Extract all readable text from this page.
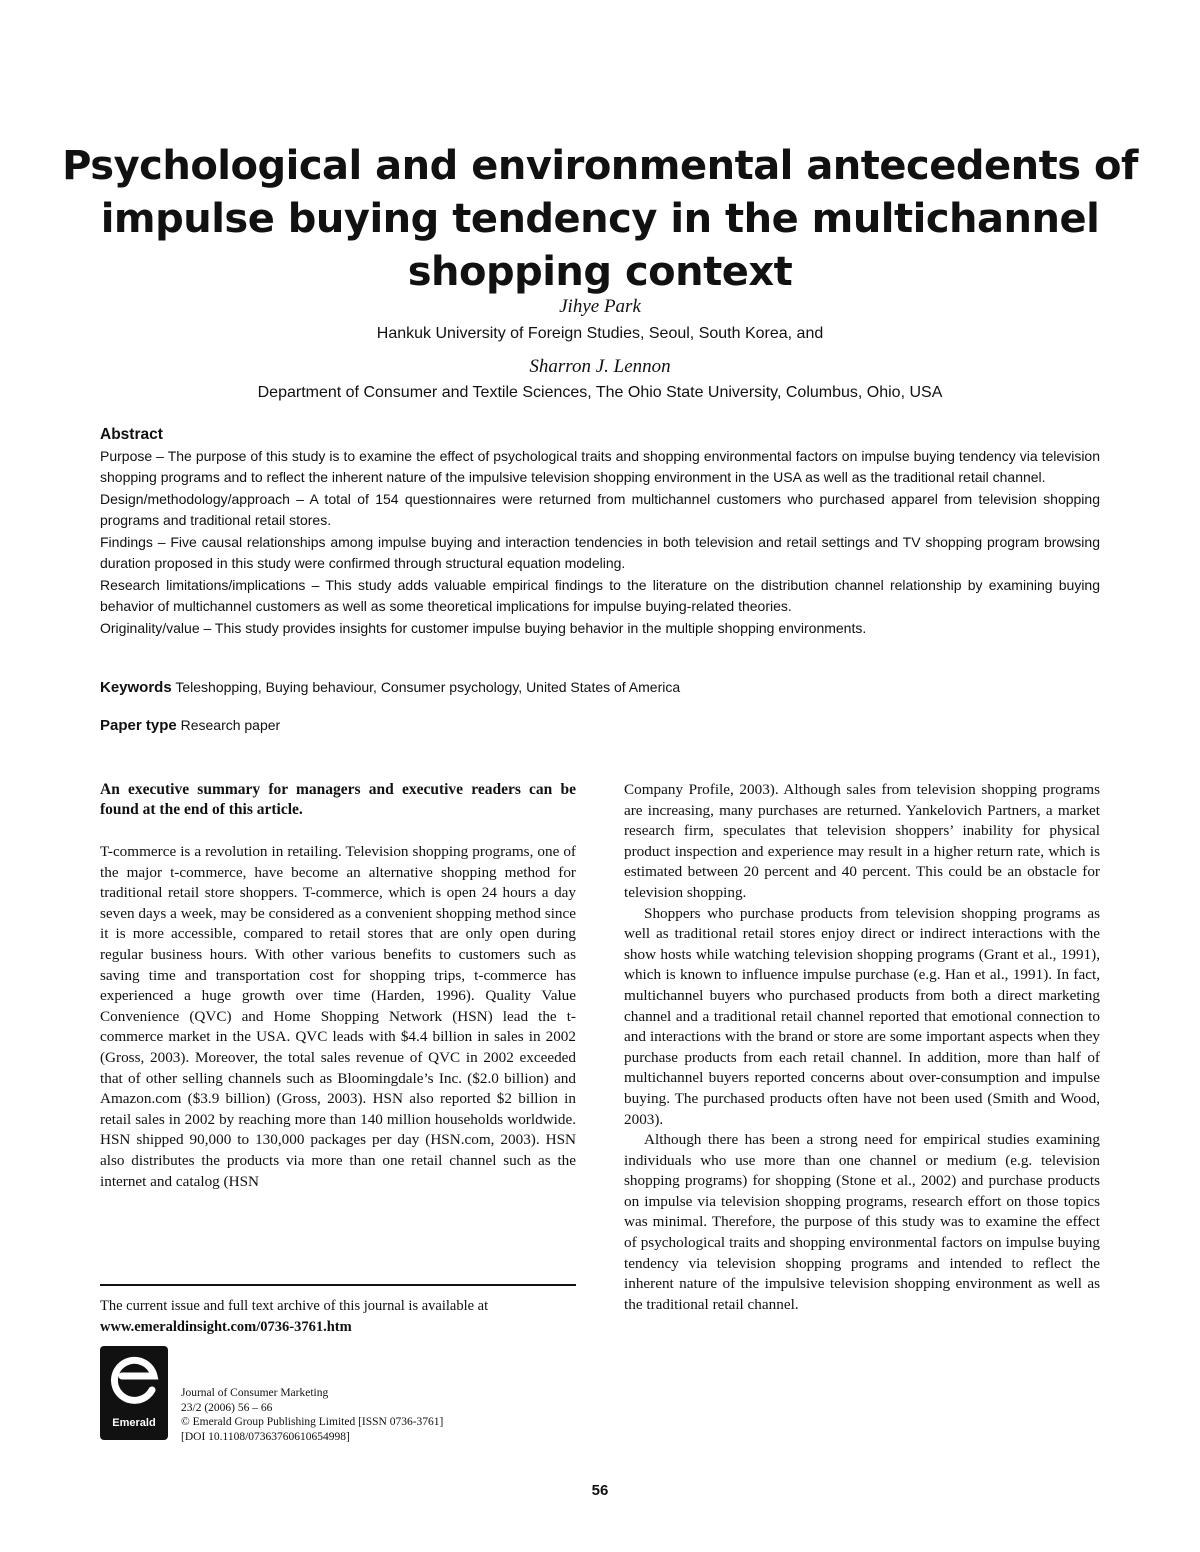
Psychological and environmental antecedents of impulse buying tendency in the multichannel shopping context
Jihye Park
Hankuk University of Foreign Studies, Seoul, South Korea, and
Sharron J. Lennon
Department of Consumer and Textile Sciences, The Ohio State University, Columbus, Ohio, USA

Abstract

Purpose – The purpose of this study is to examine the effect of psychological traits and shopping environmental factors on impulse buying tendency via television shopping programs and to reflect the inherent nature of the impulsive television shopping environment in the USA as well as the traditional retail channel.

Design/methodology/approach – A total of 154 questionnaires were returned from multichannel customers who purchased apparel from television shopping programs and traditional retail stores.

Findings – Five causal relationships among impulse buying and interaction tendencies in both television and retail settings and TV shopping program browsing duration proposed in this study were confirmed through structural equation modeling.

Research limitations/implications – This study adds valuable empirical findings to the literature on the distribution channel relationship by examining buying behavior of multichannel customers as well as some theoretical implications for impulse buying-related theories.

Originality/value – This study provides insights for customer impulse buying behavior in the multiple shopping environments.

Keywords Teleshopping, Buying behaviour, Consumer psychology, United States of America
Paper type Research paper

An executive summary for managers and executive readers can be found at the end of this article.

T-commerce is a revolution in retailing. Television shopping programs, one of the major t-commerce, have become an alternative shopping method for traditional retail store shoppers. T-commerce, which is open 24 hours a day seven days a week, may be considered as a convenient shopping method since it is more accessible, compared to retail stores that are only open during regular business hours. With other various benefits to customers such as saving time and transportation cost for shopping trips, t-commerce has experienced a huge growth over time (Harden, 1996). Quality Value Convenience (QVC) and Home Shopping Network (HSN) lead the t-commerce market in the USA. QVC leads with $4.4 billion in sales in 2002 (Gross, 2003). Moreover, the total sales revenue of QVC in 2002 exceeded that of other selling channels such as Bloomingdale’s Inc. ($2.0 billion) and Amazon.com ($3.9 billion) (Gross, 2003). HSN also reported $2 billion in retail sales in 2002 by reaching more than 140 million households worldwide. HSN shipped 90,000 to 130,000 packages per day (HSN.com, 2003). HSN also distributes the products via more than one retail channel such as the internet and catalog (HSN

The current issue and full text archive of this journal is available at
www.emeraldinsight.com/0736-3761.htm
Emerald
Journal of Consumer Marketing
23/2 (2006) 56 – 66
© Emerald Group Publishing Limited [ISSN 0736-3761]
[DOI 10.1108/07363760610654998]

Company Profile, 2003). Although sales from television shopping programs are increasing, many purchases are returned. Yankelovich Partners, a market research firm, speculates that television shoppers’ inability for physical product inspection and experience may result in a higher return rate, which is estimated between 20 percent and 40 percent. This could be an obstacle for television shopping.

Shoppers who purchase products from television shopping programs as well as traditional retail stores enjoy direct or indirect interactions with the show hosts while watching television shopping programs (Grant et al., 1991), which is known to influence impulse purchase (e.g. Han et al., 1991). In fact, multichannel buyers who purchased products from both a direct marketing channel and a traditional retail channel reported that emotional connection to and interactions with the brand or store are some important aspects when they purchase products from each retail channel. In addition, more than half of multichannel buyers reported concerns about over-consumption and impulse buying. The purchased products often have not been used (Smith and Wood, 2003).

Although there has been a strong need for empirical studies examining individuals who use more than one channel or medium (e.g. television shopping programs) for shopping (Stone et al., 2002) and purchase products on impulse via television shopping programs, research effort on those topics was minimal. Therefore, the purpose of this study was to examine the effect of psychological traits and shopping environmental factors on impulse buying tendency via television shopping programs and intended to reflect the inherent nature of the impulsive television shopping environment as well as the traditional retail channel.

56
